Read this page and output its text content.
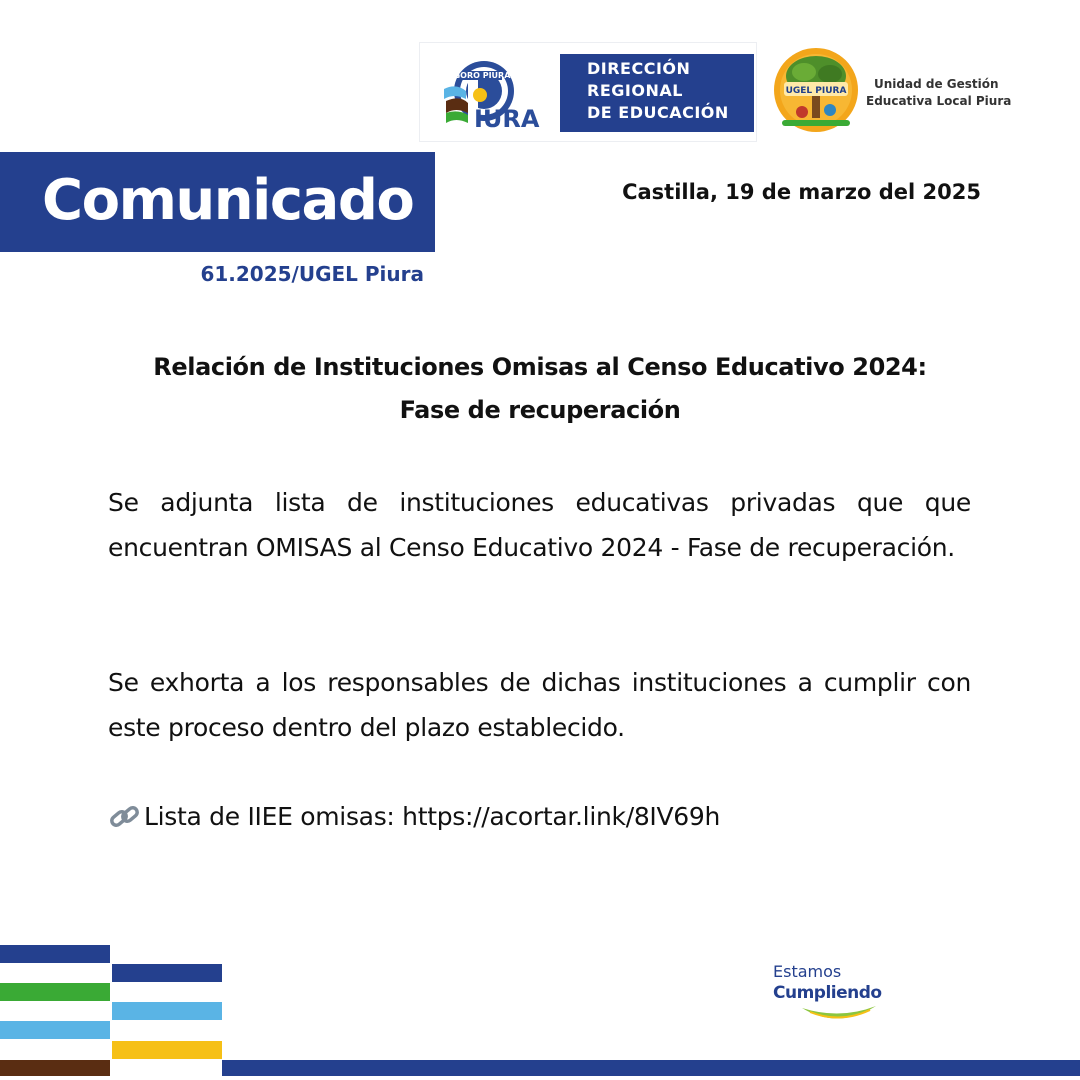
GORO PIURA
IURA
DIRECCIÓN
REGIONAL
DE EDUCACIÓN
UGEL PIURA	Unidad de Gestión
Educativa Local Piura
Comunicado	Castilla, 19 de marzo del 2025
61.2025/UGEL Piura
Relación de Instituciones Omisas al Censo Educativo 2024:
Fase de recuperación
Se adjunta lista de instituciones educativas privadas que que encuentran OMISAS al Censo Educativo 2024 - Fase de recuperación.
Se exhorta a los responsables de dichas instituciones a cumplir con este proceso dentro del plazo establecido.
Lista de IIEE omisas: https://acortar.link/8IV69h
Estamos
Cumpliendo
